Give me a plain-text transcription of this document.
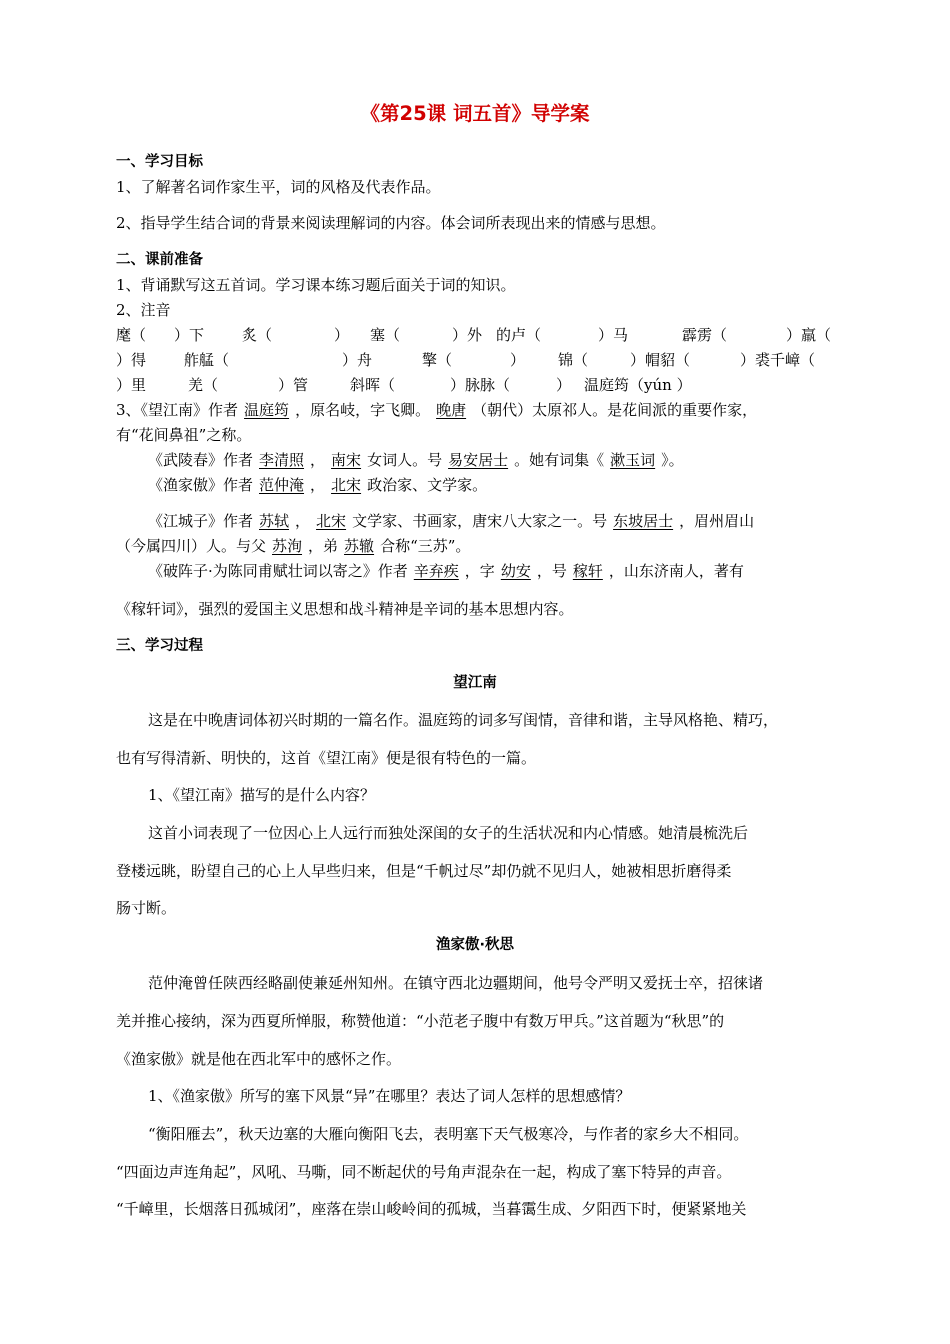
《第25课 词五首》导学案
一、学习目标
1、了解著名词作家生平，词的风格及代表作品。
2、指导学生结合词的背景来阅读理解词的内容。体会词所表现出来的情感与思想。
二、课前准备
1、背诵默写这五首词。学习课本练习题后面关于词的知识。
2、注音
麾（ ）下	炙（	） 塞（	）外 的卢（	）马	霹雳（	）羸（
）得	舴艋（	）舟	擎（	） 锦（	）帽貂（	）裘千嶂（
）里	羌（	）管	斜晖（	）脉脉（	） 温庭筠（yún ）
3、《望江南》作者 温庭筠 ，原名岐，字飞卿。 晚唐 （朝代）太原祁人。是花间派的重要作家，
有“花间鼻祖”之称。
《武陵春》作者 李清照 ， 南宋 女词人。号 易安居士 。她有词集《 漱玉词 》。
《渔家傲》作者 范仲淹 ， 北宋 政治家、文学家。
《江城子》作者 苏轼 ， 北宋 文学家、书画家，唐宋八大家之一。号 东坡居士 ，眉州眉山
（今属四川）人。与父 苏洵 ，弟 苏辙 合称“三苏”。
《破阵子·为陈同甫赋壮词以寄之》作者 辛弃疾 ，字 幼安 ，号 稼轩 ，山东济南人，著有
《稼轩词》，强烈的爱国主义思想和战斗精神是辛词的基本思想内容。
三、学习过程
望江南
这是在中晚唐词体初兴时期的一篇名作。温庭筠的词多写闺情，音律和谐，主导风格艳、精巧，
也有写得清新、明快的，这首《望江南》便是很有特色的一篇。
1、《望江南》描写的是什么内容？
这首小词表现了一位因心上人远行而独处深闺的女子的生活状况和内心情感。她清晨梳洗后
登楼远眺，盼望自己的心上人早些归来，但是“千帆过尽”却仍就不见归人，她被相思折磨得柔
肠寸断。
渔家傲·秋思
范仲淹曾任陕西经略副使兼延州知州。在镇守西北边疆期间，他号令严明又爱抚士卒，招徕诸
羌并推心接纳，深为西夏所惮服，称赞他道：“小范老子腹中有数万甲兵。”这首题为“秋思”的
《渔家傲》就是他在西北军中的感怀之作。
1、《渔家傲》所写的塞下风景“异”在哪里？表达了词人怎样的思想感情？
“衡阳雁去”，秋天边塞的大雁向衡阳飞去，表明塞下天气极寒冷，与作者的家乡大不相同。
“四面边声连角起”，风吼、马嘶，同不断起伏的号角声混杂在一起，构成了塞下特异的声音。
“千嶂里，长烟落日孤城闭”，座落在崇山峻岭间的孤城，当暮霭生成、夕阳西下时，便紧紧地关
